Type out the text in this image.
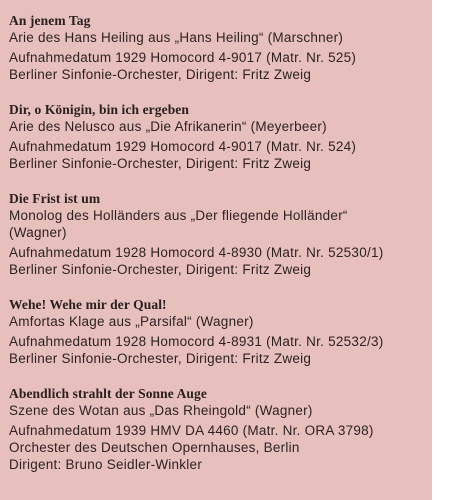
An jenem Tag
Arie des Hans Heiling aus „Hans Heiling“ (Marschner)
Aufnahmedatum 1929 Homocord 4-9017 (Matr. Nr. 525)
Berliner Sinfonie-Orchester, Dirigent: Fritz Zweig
Dir, o Königin, bin ich ergeben
Arie des Nelusco aus „Die Afrikanerin“ (Meyerbeer)
Aufnahmedatum 1929 Homocord 4-9017 (Matr. Nr. 524)
Berliner Sinfonie-Orchester, Dirigent: Fritz Zweig
Die Frist ist um
Monolog des Holländers aus „Der fliegende Holländer“
(Wagner)
Aufnahmedatum 1928 Homocord 4-8930 (Matr. Nr. 52530/1)
Berliner Sinfonie-Orchester, Dirigent: Fritz Zweig
Wehe! Wehe mir der Qual!
Amfortas Klage aus „Parsifal“ (Wagner)
Aufnahmedatum 1928 Homocord 4-8931 (Matr. Nr. 52532/3)
Berliner Sinfonie-Orchester, Dirigent: Fritz Zweig
Abendlich strahlt der Sonne Auge
Szene des Wotan aus „Das Rheingold“ (Wagner)
Aufnahmedatum 1939 HMV DA 4460 (Matr. Nr. ORA 3798)
Orchester des Deutschen Opernhauses, Berlin
Dirigent: Bruno Seidler-Winkler
